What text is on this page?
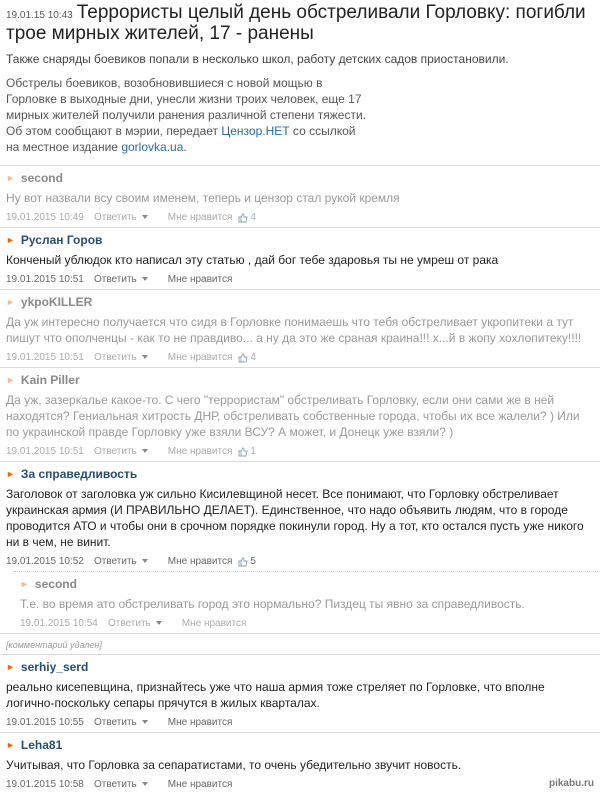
19.01.15 10:43 Террористы целый день обстреливали Горловку: погибли трое мирных жителей, 17 - ранены
Также снаряды боевиков попали в несколько школ, работу детских садов приостановили.
Обстрелы боевиков, возобновившиеся с новой мощью в Горловке в выходные дни, унесли жизни троих человек, еще 17 мирных жителей получили ранения различной степени тяжести. Об этом сообщают в мэрии, передает Цензор.НЕТ со ссылкой на местное издание gorlovka.ua.
► second
Ну вот назвали всу своим именем, теперь и цензор стал рукой кремля
19.01.2015 10:49	Ответить	Мне нравится 4
► Руслан Горов
Конченый ублюдок кто написал эту статью , дай бог тебе здаровья ты не умреш от рака
19.01.2015 10:51	Ответить	Мне нравится
► ykpoKILLER
Да уж интересно получается что сидя в Горловке понимаешь что тебя обстреливает укропитеки а тут пишут что ополченцы - как то не правдиво... а ну да это же сраная краина!!! х...й в жопу хохлопитеку!!!!
19.01.2015 10:51	Ответить	Мне нравится 4
► Kain Piller
Да уж, зазеркалье какое-то. С чего "террористам" обстреливать Горловку, если они сами же в ней находятся? Гениальная хитрость ДНР, обстреливать собственные города, чтобы их все жалели? ) Или по украинской правде Горловку уже взяли ВСУ? А может, и Донецк уже взяли? )
19.01.2015 10:51	Ответить	Мне нравится 1
► За справедливость
Заголовок от заголовка уж сильно Кисилевщиной несет. Все понимают, что Горловку обстреливает украинская армия (И ПРАВИЛЬНО ДЕЛАЕТ). Единственное, что надо объявить людям, что в городе проводится АТО и чтобы они в срочном порядке покинули город. Ну а тот, кто остался пусть уже никого ни в чем, не винит.
19.01.2015 10:52	Ответить	Мне нравится 5
► second
Т.е. во время ато обстреливать город это нормально? Пиздец ты явно за справедливость.
19.01.2015 10:54	Ответить	Мне нравится
[комментарий удален]
► serhiy_serd
реально кисепевщина, признайтесь уже что наша армия тоже стреляет по Горловке, что вполне логично-поскольку сепары прячутся в жилых кварталах.
19.01.2015 10:55	Ответить	Мне нравится
► Leha81
Учитывая, что Горловка за сепаратистами, то очень убедительно звучит новость.
19.01.2015 10:58	Ответить	Мне нравится	pikabu.ru
